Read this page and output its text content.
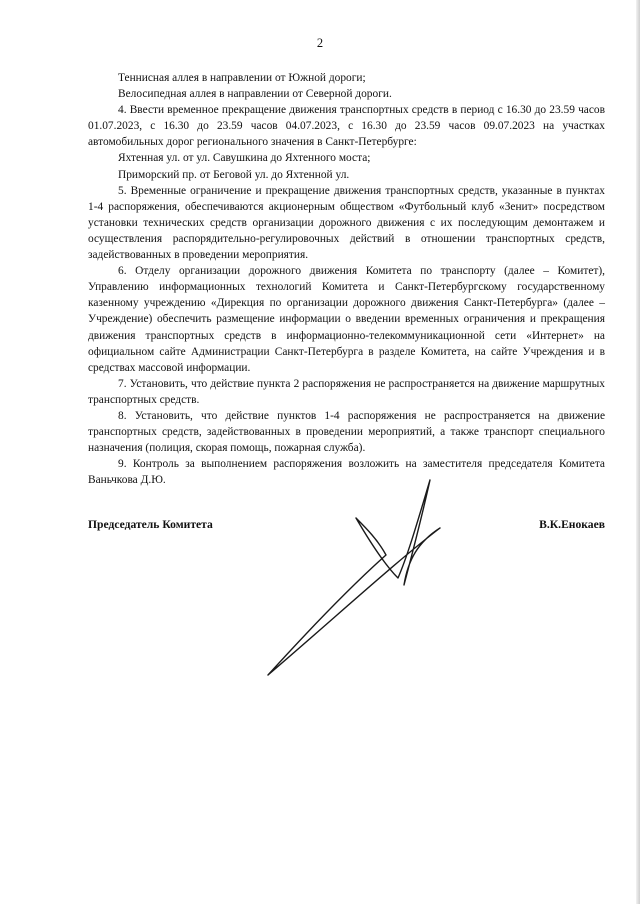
2

Теннисная аллея в направлении от Южной дороги;

Велосипедная аллея в направлении от Северной дороги.

4. Ввести временное прекращение движения транспортных средств в период с 16.30 до 23.59 часов 01.07.2023, с 16.30 до 23.59 часов 04.07.2023, с 16.30 до 23.59 часов 09.07.2023 на участках автомобильных дорог регионального значения в Санкт-Петербурге:

Яхтенная ул. от ул. Савушкина до Яхтенного моста;

Приморский пр. от Беговой ул. до Яхтенной ул.

5. Временные ограничение и прекращение движения транспортных средств, указанные в пунктах 1-4 распоряжения, обеспечиваются акционерным обществом «Футбольный клуб «Зенит» посредством установки технических средств организации дорожного движения с их последующим демонтажем и осуществления распорядительно-регулировочных действий в отношении транспортных средств, задействованных в проведении мероприятия.

6. Отделу организации дорожного движения Комитета по транспорту (далее – Комитет), Управлению информационных технологий Комитета и Санкт-Петербургскому государственному казенному учреждению «Дирекция по организации дорожного движения Санкт-Петербурга» (далее – Учреждение) обеспечить размещение информации о введении временных ограничения и прекращения движения транспортных средств в информационно-телекоммуникационной сети «Интернет» на официальном сайте Администрации Санкт-Петербурга в разделе Комитета, на сайте Учреждения и в средствах массовой информации.

7. Установить, что действие пункта 2 распоряжения не распространяется на движение маршрутных транспортных средств.

8. Установить, что действие пунктов 1-4 распоряжения не распространяется на движение транспортных средств, задействованных в проведении мероприятий, а также транспорт специального назначения (полиция, скорая помощь, пожарная служба).

9. Контроль за выполнением распоряжения возложить на заместителя председателя Комитета Ваньчкова Д.Ю.

Председатель Комитета	В.К.Енокаев
